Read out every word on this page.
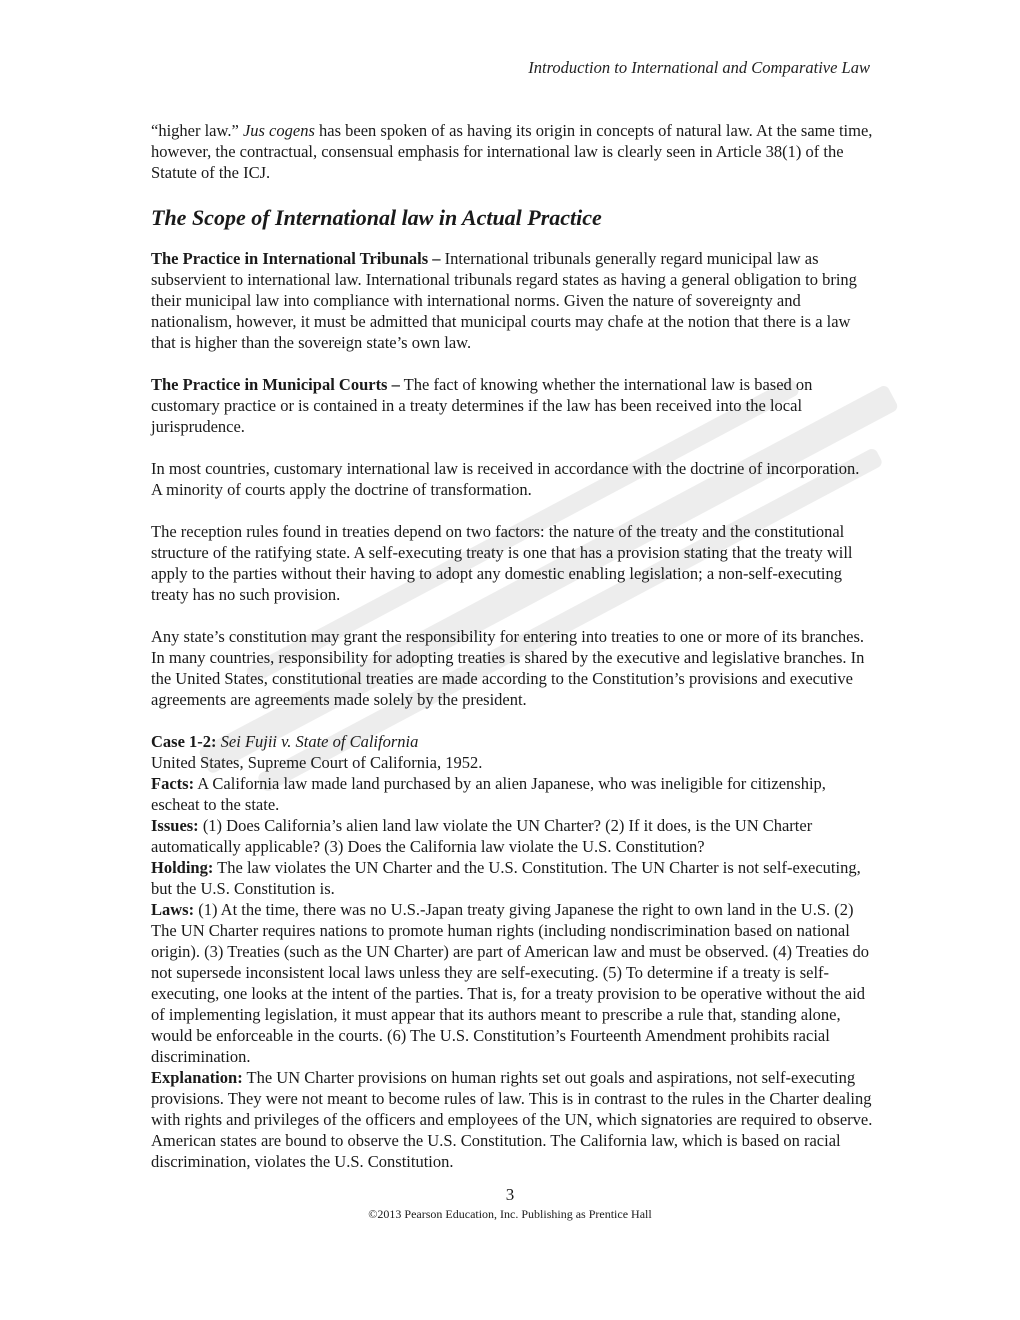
Introduction to International and Comparative Law

“higher law.” Jus cogens has been spoken of as having its origin in concepts of natural law. At the same time, however, the contractual, consensual emphasis for international law is clearly seen in Article 38(1) of the Statute of the ICJ.

The Scope of International law in Actual Practice

The Practice in International Tribunals – International tribunals generally regard municipal law as subservient to international law. International tribunals regard states as having a general obligation to bring their municipal law into compliance with international norms. Given the nature of sovereignty and nationalism, however, it must be admitted that municipal courts may chafe at the notion that there is a law that is higher than the sovereign state’s own law.

The Practice in Municipal Courts – The fact of knowing whether the international law is based on customary practice or is contained in a treaty determines if the law has been received into the local jurisprudence.

In most countries, customary international law is received in accordance with the doctrine of incorporation. A minority of courts apply the doctrine of transformation.

The reception rules found in treaties depend on two factors: the nature of the treaty and the constitutional structure of the ratifying state. A self-executing treaty is one that has a provision stating that the treaty will apply to the parties without their having to adopt any domestic enabling legislation; a non-self-executing treaty has no such provision.

Any state’s constitution may grant the responsibility for entering into treaties to one or more of its branches. In many countries, responsibility for adopting treaties is shared by the executive and legislative branches. In the United States, constitutional treaties are made according to the Constitution’s provisions and executive agreements are agreements made solely by the president.

Case 1-2: Sei Fujii v. State of California

United States, Supreme Court of California, 1952.

Facts: A California law made land purchased by an alien Japanese, who was ineligible for citizenship, escheat to the state.

Issues: (1) Does California’s alien land law violate the UN Charter? (2) If it does, is the UN Charter automatically applicable? (3) Does the California law violate the U.S. Constitution?

Holding: The law violates the UN Charter and the U.S. Constitution. The UN Charter is not self-executing, but the U.S. Constitution is.

Laws: (1) At the time, there was no U.S.-Japan treaty giving Japanese the right to own land in the U.S. (2) The UN Charter requires nations to promote human rights (including nondiscrimination based on national origin). (3) Treaties (such as the UN Charter) are part of American law and must be observed. (4) Treaties do not supersede inconsistent local laws unless they are self-executing. (5) To determine if a treaty is self-executing, one looks at the intent of the parties. That is, for a treaty provision to be operative without the aid of implementing legislation, it must appear that its authors meant to prescribe a rule that, standing alone, would be enforceable in the courts. (6) The U.S. Constitution’s Fourteenth Amendment prohibits racial discrimination.

Explanation: The UN Charter provisions on human rights set out goals and aspirations, not self-executing provisions. They were not meant to become rules of law. This is in contrast to the rules in the Charter dealing with rights and privileges of the officers and employees of the UN, which signatories are required to observe. American states are bound to observe the U.S. Constitution. The California law, which is based on racial discrimination, violates the U.S. Constitution.

3
©2013 Pearson Education, Inc. Publishing as Prentice Hall
